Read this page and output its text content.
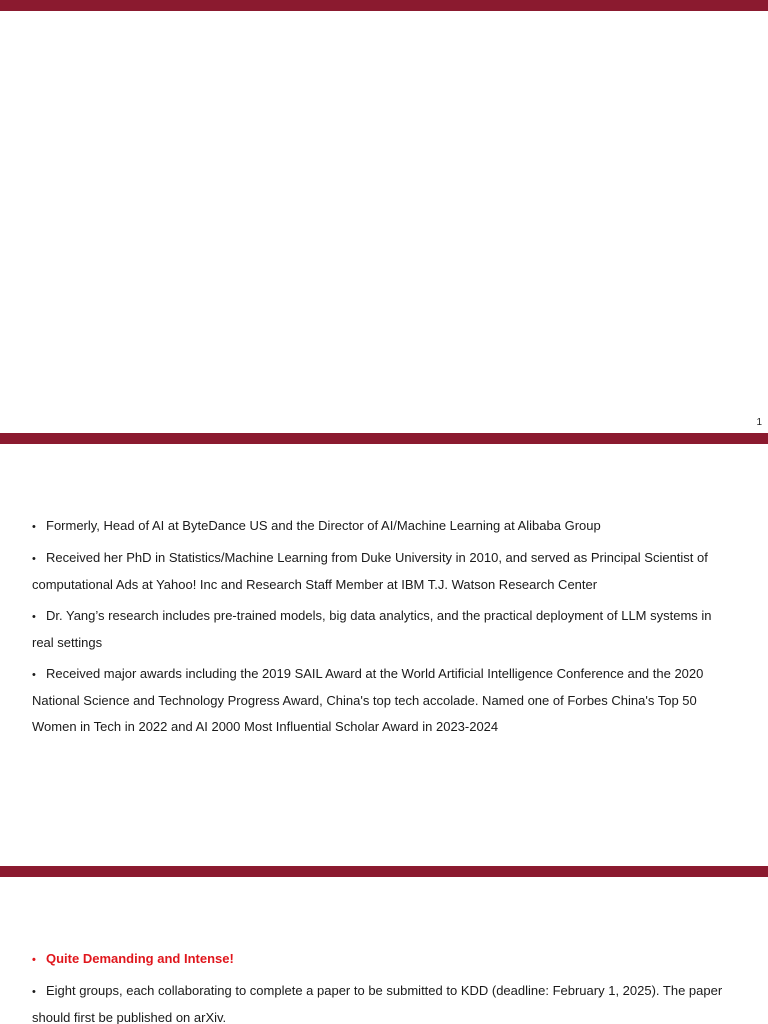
1
• Formerly, Head of AI at ByteDance US and the Director of AI/Machine Learning at Alibaba Group
• Received her PhD in Statistics/Machine Learning from Duke University in 2010, and served as Principal Scientist of computational Ads at Yahoo! Inc and Research Staff Member at IBM T.J. Watson Research Center
• Dr. Yang’s research includes pre-trained models, big data analytics, and the practical deployment of LLM systems in real settings
• Received major awards including the 2019 SAIL Award at the World Artificial Intelligence Conference and the 2020 National Science and Technology Progress Award, China's top tech accolade. Named one of Forbes China's Top 50 Women in Tech in 2022 and AI 2000 Most Influential Scholar Award in 2023-2024
• Quite Demanding and Intense!
• Eight groups, each collaborating to complete a paper to be submitted to KDD (deadline: February 1, 2025). The paper should first be published on arXiv.
